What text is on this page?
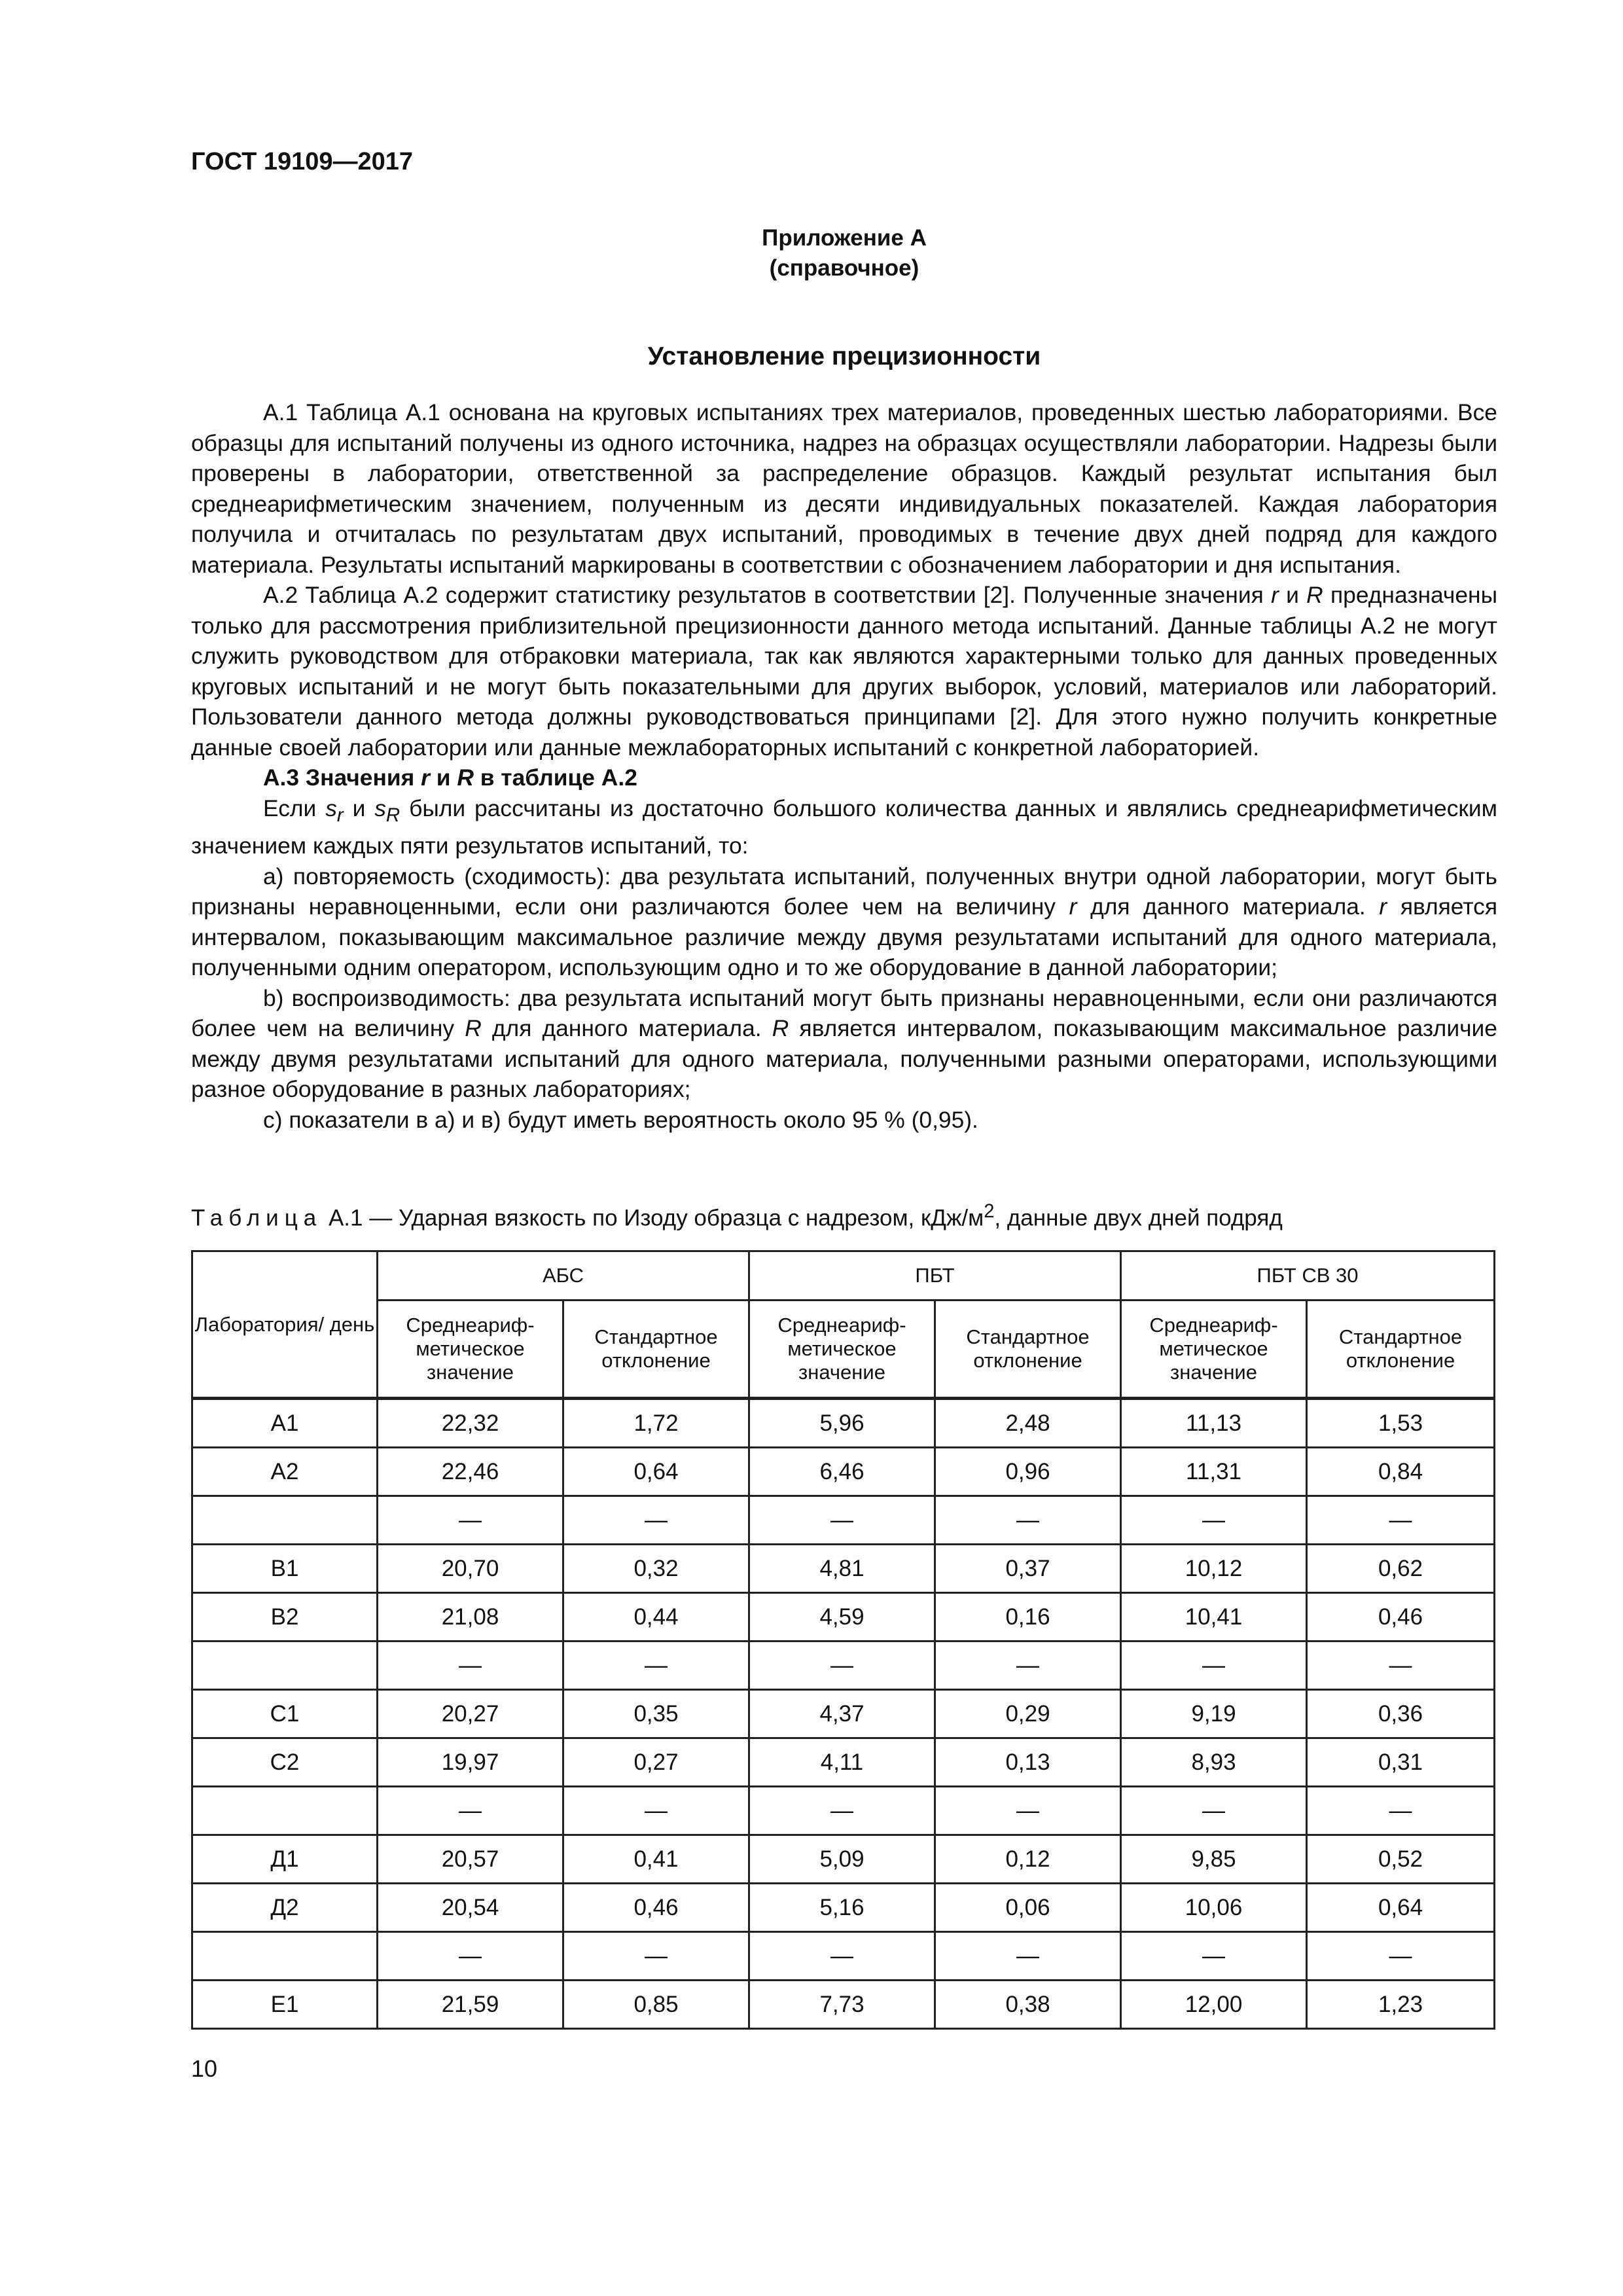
ГОСТ 19109—2017
Приложение А
(справочное)
Установление прецизионности

А.1 Таблица А.1 основана на круговых испытаниях трех материалов, проведенных шестью лабораториями. Все образцы для испытаний получены из одного источника, надрез на образцах осуществляли лаборатории. Надрезы были проверены в лаборатории, ответственной за распределение образцов. Каждый результат испытания был среднеарифметическим значением, полученным из десяти индивидуальных показателей. Каждая лаборатория получила и отчиталась по результатам двух испытаний, проводимых в течение двух дней подряд для каждого материала. Результаты испытаний маркированы в соответствии с обозначением лаборатории и дня испытания.

А.2 Таблица А.2 содержит статистику результатов в соответствии [2]. Полученные значения r и R предназначены только для рассмотрения приблизительной прецизионности данного метода испытаний. Данные таблицы А.2 не могут служить руководством для отбраковки материала, так как являются характерными только для данных проведенных круговых испытаний и не могут быть показательными для других выборок, условий, материалов или лабораторий. Пользователи данного метода должны руководствоваться принципами [2]. Для этого нужно получить конкретные данные своей лаборатории или данные межлабораторных испытаний с конкретной лабораторией.

А.3 Значения r и R в таблице А.2

Если $s_r$ и $s_R$ были рассчитаны из достаточно большого количества данных и являлись среднеарифметическим значением каждых пяти результатов испытаний, то:

а) повторяемость (сходимость): два результата испытаний, полученных внутри одной лаборатории, могут быть признаны неравноценными, если они различаются более чем на величину r для данного материала. r является интервалом, показывающим максимальное различие между двумя результатами испытаний для одного материала, полученными одним оператором, использующим одно и то же оборудование в данной лаборатории;

b) воспроизводимость: два результата испытаний могут быть признаны неравноценными, если они различаются более чем на величину R для данного материала. R является интервалом, показывающим максимальное различие между двумя результатами испытаний для одного материала, полученными разными операторами, использующими разное оборудование в разных лабораториях;

с) показатели в а) и в) будут иметь вероятность около 95 % (0,95).

Таблица А.1 — Ударная вязкость по Изоду образца с надрезом, кДж/$м^2$, данные двух дней подряд
Лаборатория/ день	АБС		ПБТ		ПБТ СВ 30	
	Среднеариф- метическое значение	Стандартное отклонение	Среднеариф- метическое значение	Стандартное отклонение	Среднеариф- метическое значение	Стандартное отклонение
А1	22,32	1,72	5,96	2,48	11,13	1,53
А2	22,46	0,64	6,46	0,96	11,31	0,84
	—	—	—	—	—	—
В1	20,70	0,32	4,81	0,37	10,12	0,62
В2	21,08	0,44	4,59	0,16	10,41	0,46
	—	—	—	—	—	—
С1	20,27	0,35	4,37	0,29	9,19	0,36
С2	19,97	0,27	4,11	0,13	8,93	0,31
	—	—	—	—	—	—
Д1	20,57	0,41	5,09	0,12	9,85	0,52
Д2	20,54	0,46	5,16	0,06	10,06	0,64
	—	—	—	—	—	—
Е1	21,59	0,85	7,73	0,38	12,00	1,23
10
